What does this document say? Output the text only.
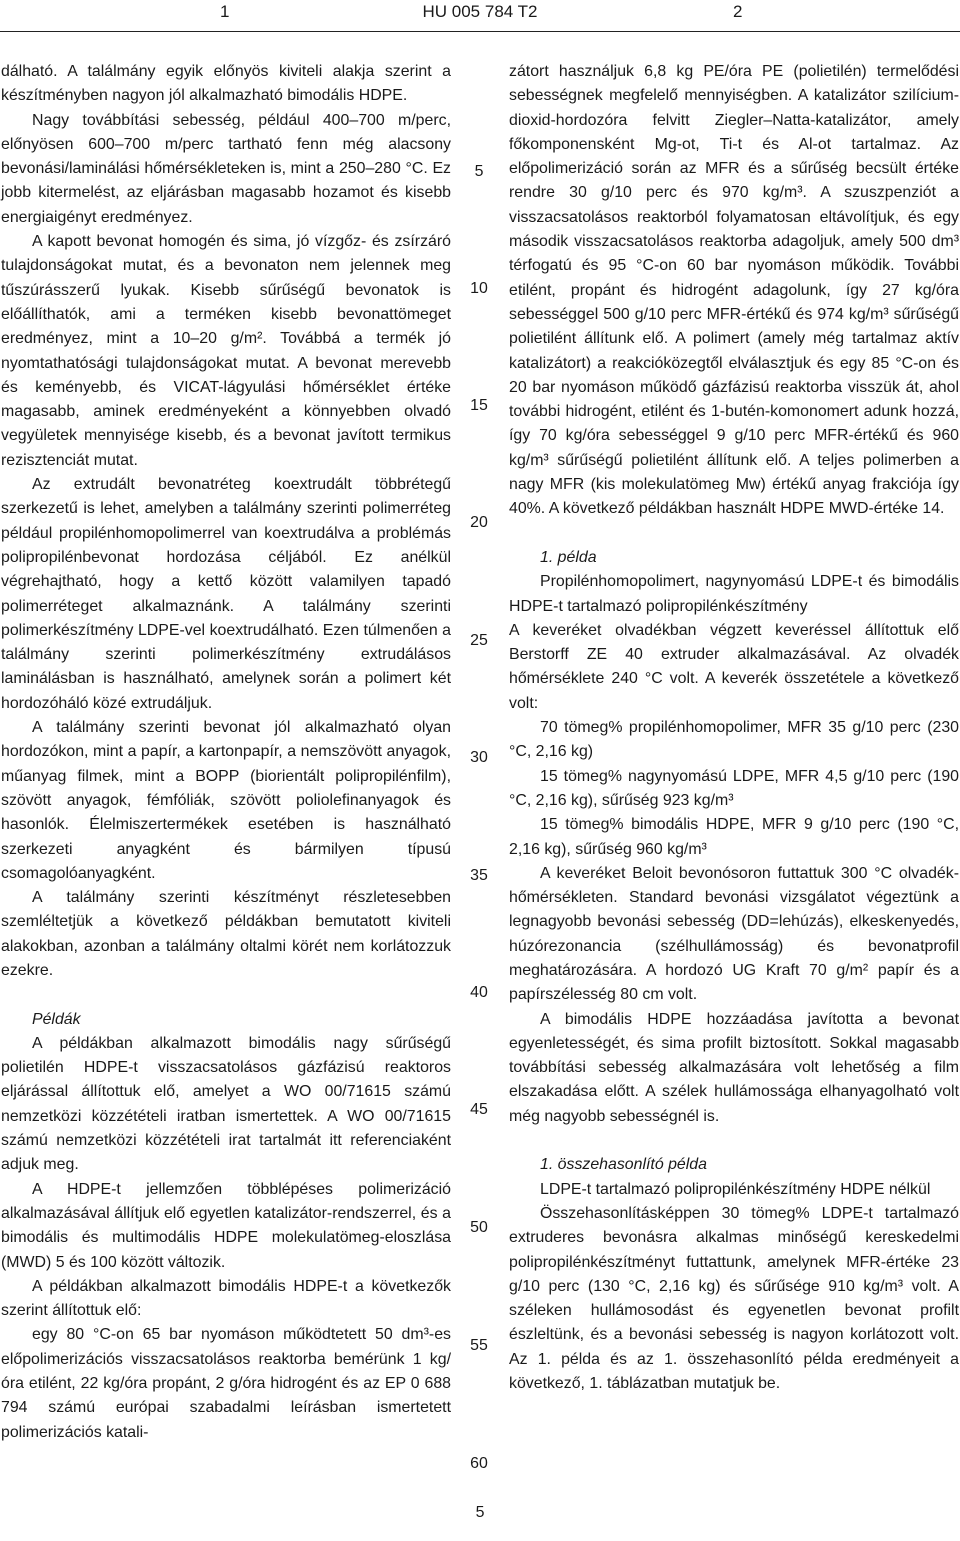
1	HU 005 784 T2	2

dálható. A találmány egyik előnyös kiviteli alakja szerint a készítményben nagyon jól alkalmazható bimodális HDPE.

Nagy továbbítási sebesség, például 400–700 m/perc, előnyösen 600–700 m/perc tartható fenn még alacsony bevonási/laminálási hőmérsékleteken is, mint a 250–280 °C. Ez jobb kitermelést, az eljárásban magasabb hozamot és kisebb energiaigényt eredményez.

A kapott bevonat homogén és sima, jó vízgőz- és zsírzáró tulajdonságokat mutat, és a bevonaton nem jelennek meg tűszúrásszerű lyukak. Kisebb sűrűségű bevonatok is előállíthatók, ami a terméken kisebb bevonattömeget eredményez, mint a 10–20 g/m². Továbbá a termék jó nyomtathatósági tulajdonságokat mutat. A bevonat merevebb és keményebb, és VICAT-lágyulási hőmérséklet értéke magasabb, aminek eredményeként a könnyebben olvadó vegyületek mennyisége kisebb, és a bevonat javított termikus rezisztenciát mutat.

Az extrudált bevonatréteg koextrudált többrétegű szerkezetű is lehet, amelyben a találmány szerinti polimerréteg például propilénhomopolimerrel van koextrudálva a problémás polipropilénbevonat hordozása céljából. Ez anélkül végrehajtható, hogy a kettő között valamilyen tapadó polimerréteget alkalmaznánk. A találmány szerinti polimerkészítmény LDPE-vel koextrudálható. Ezen túlmenően a találmány szerinti polimerkészítmény extrudálásos laminálásban is használható, amelynek során a polimert két hordozóháló közé extrudáljuk.

A találmány szerinti bevonat jól alkalmazható olyan hordozókon, mint a papír, a kartonpapír, a nemszövött anyagok, műanyag filmek, mint a BOPP (biorientált polipropilénfilm), szövött anyagok, fémfóliák, szövött poliolefinanyagok és hasonlók. Élelmiszertermékek esetében is használható szerkezeti anyagként és bármilyen típusú csomagolóanyagként.

A találmány szerinti készítményt részletesebben szemléltetjük a következő példákban bemutatott kiviteli alakokban, azonban a találmány oltalmi körét nem korlátozzuk ezekre.

Példák

A példákban alkalmazott bimodális nagy sűrűségű polietilén HDPE-t visszacsatolásos gázfázisú reaktoros eljárással állítottuk elő, amelyet a WO 00/71615 számú nemzetközi közzétételi iratban ismertettek. A WO 00/71615 számú nemzetközi közzétételi irat tartalmát itt referenciaként adjuk meg.

A HDPE-t jellemzően többlépéses polimerizáció alkalmazásával állítjuk elő egyetlen katalizátor-rendszerrel, és a bimodális és multimodális HDPE molekulatömeg-eloszlása (MWD) 5 és 100 között változik.

A példákban alkalmazott bimodális HDPE-t a következők szerint állítottuk elő:

egy 80 °C-on 65 bar nyomáson működtetett 50 dm³-es előpolimerizációs visszacsatolásos reaktorba bemérünk 1 kg/óra etilént, 22 kg/óra propánt, 2 g/óra hidrogént és az EP 0 688 794 számú európai szabadalmi leírásban ismertetett polimerizációs katali-

zátort használjuk 6,8 kg PE/óra PE (polietilén) termelődési sebességnek megfelelő mennyiségben. A katalizátor szilícium-dioxid-hordozóra felvitt Ziegler–Natta-katalizátor, amely főkomponensként Mg-ot, Ti-t és Al-ot tartalmaz. Az előpolimerizáció során az MFR és a sűrűség becsült értéke rendre 30 g/10 perc és 970 kg/m³. A szuszpenziót a visszacsatolásos reaktorból folyamatosan eltávolítjuk, és egy második visszacsatolásos reaktorba adagoljuk, amely 500 dm³ térfogatú és 95 °C-on 60 bar nyomáson működik. További etilént, propánt és hidrogént adagolunk, így 27 kg/óra sebességgel 500 g/10 perc MFR-értékű és 974 kg/m³ sűrűségű polietilént állítunk elő. A polimert (amely még tartalmaz aktív katalizátort) a reakcióközegtől elválasztjuk és egy 85 °C-on és 20 bar nyomáson működő gázfázisú reaktorba visszük át, ahol további hidrogént, etilént és 1-butén-komonomert adunk hozzá, így 70 kg/óra sebességgel 9 g/10 perc MFR-értékű és 960 kg/m³ sűrűségű polietilént állítunk elő. A teljes polimerben a nagy MFR (kis molekulatömeg Mw) értékű anyag frakciója így 40%. A következő példákban használt HDPE MWD-értéke 14.

1. példa

Propilénhomopolimert, nagynyomású LDPE-t és bimodális HDPE-t tartalmazó polipropilénkészítmény

A keveréket olvadékban végzett keveréssel állítottuk elő Berstorff ZE 40 extruder alkalmazásával. Az olvadék hőmérséklete 240 °C volt. A keverék összetétele a következő volt:

70 tömeg% propilénhomopolimer, MFR 35 g/10 perc (230 °C, 2,16 kg)

15 tömeg% nagynyomású LDPE, MFR 4,5 g/10 perc (190 °C, 2,16 kg), sűrűség 923 kg/m³

15 tömeg% bimodális HDPE, MFR 9 g/10 perc (190 °C, 2,16 kg), sűrűség 960 kg/m³

A keveréket Beloit bevonósoron futtattuk 300 °C olvadék-hőmérsékleten. Standard bevonási vizsgálatot végeztünk a legnagyobb bevonási sebesség (DD=lehúzás), elkeskenyedés, húzórezonancia (szélhullámosság) és bevonatprofil meghatározására. A hordozó UG Kraft 70 g/m² papír és a papírszélesség 80 cm volt.

A bimodális HDPE hozzáadása javította a bevonat egyenletességét, és sima profilt biztosított. Sokkal magasabb továbbítási sebesség alkalmazására volt lehetőség a film elszakadása előtt. A szélek hullámossága elhanyagolható volt még nagyobb sebességnél is.

1. összehasonlító példa

LDPE-t tartalmazó polipropilénkészítmény HDPE nélkül

Összehasonlításképpen 30 tömeg% LDPE-t tartalmazó extruderes bevonásra alkalmas minőségű kereskedelmi polipropilénkészítményt futtattunk, amelynek MFR-értéke 23 g/10 perc (130 °C, 2,16 kg) és sűrűsége 910 kg/m³ volt. A széleken hullámosodást és egyenetlen bevonat profilt észleltünk, és a bevonási sebesség is nagyon korlátozott volt. Az 1. példa és az 1. összehasonlító példa eredményeit a következő, 1. táblázatban mutatjuk be.

5
10
15
20
25
30
35
40
45
50
55
60
5
